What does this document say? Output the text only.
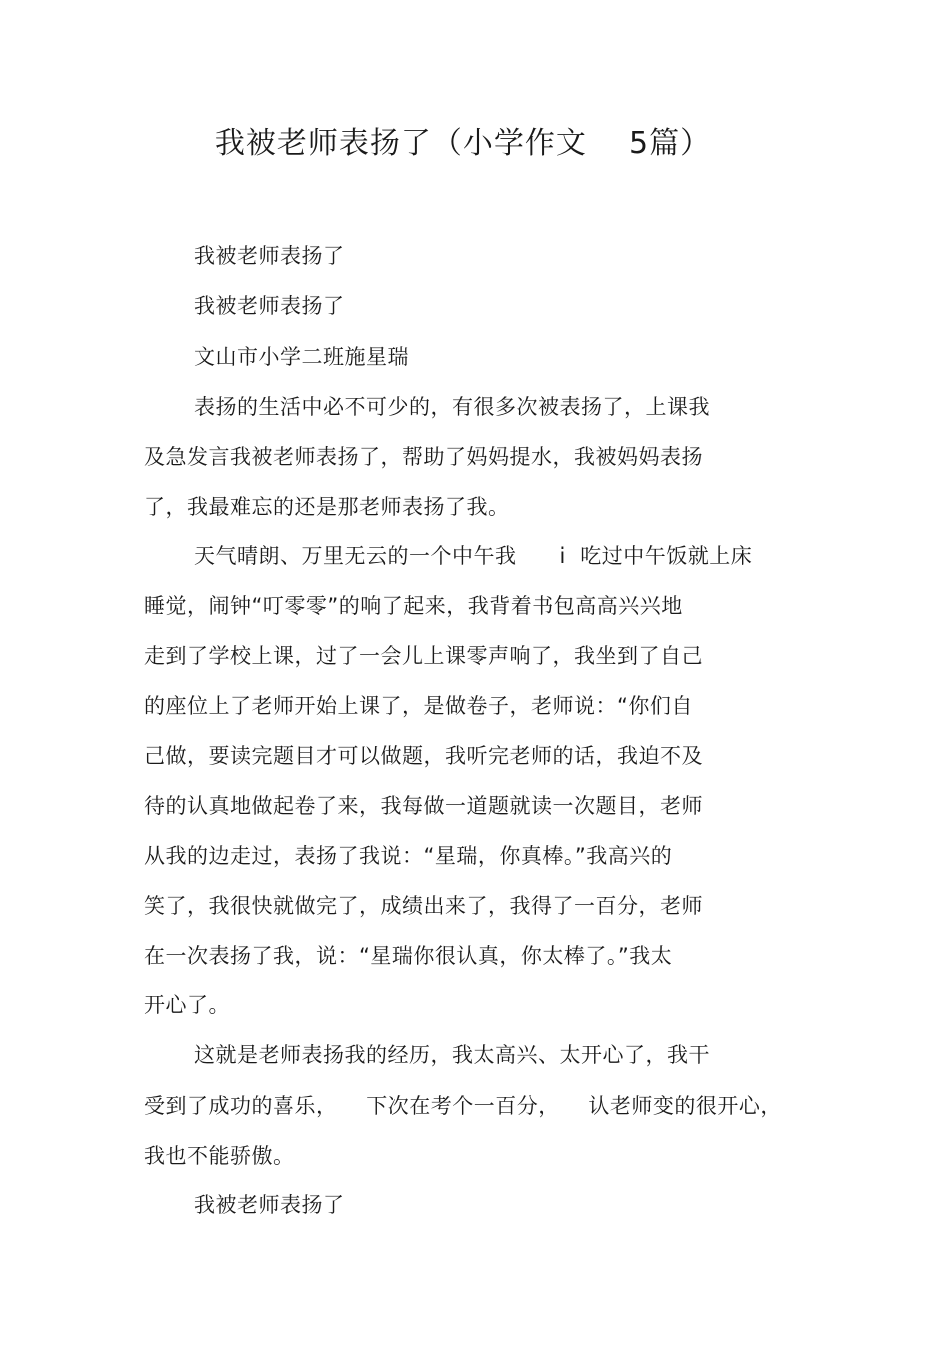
我被老师表扬了（小学作文    5篇）
我被老师表扬了
我被老师表扬了
文山市小学二班施星瑞
表扬的生活中必不可少的，有很多次被表扬了，上课我
及急发言我被老师表扬了，帮助了妈妈提水，我被妈妈表扬
了，我最难忘的还是那老师表扬了我。
天气晴朗、万里无云的一个中午我      i  吃过中午饭就上床
睡觉，闹钟“叮零零”的响了起来，我背着书包高高兴兴地
走到了学校上课，过了一会儿上课零声响了，我坐到了自己
的座位上了老师开始上课了，是做卷子，老师说：“你们自
己做，要读完题目才可以做题，我听完老师的话，我迫不及
待的认真地做起卷了来，我每做一道题就读一次题目，老师
从我的边走过，表扬了我说：“星瑞，你真棒。”我高兴的
笑了，我很快就做完了，成绩出来了，我得了一百分，老师
在一次表扬了我，说：“星瑞你很认真，你太棒了。”我太
开心了。
这就是老师表扬我的经历，我太高兴、太开心了，我干
受到了成功的喜乐，    下次在考个一百分，    认老师变的很开心，
我也不能骄傲。
我被老师表扬了
